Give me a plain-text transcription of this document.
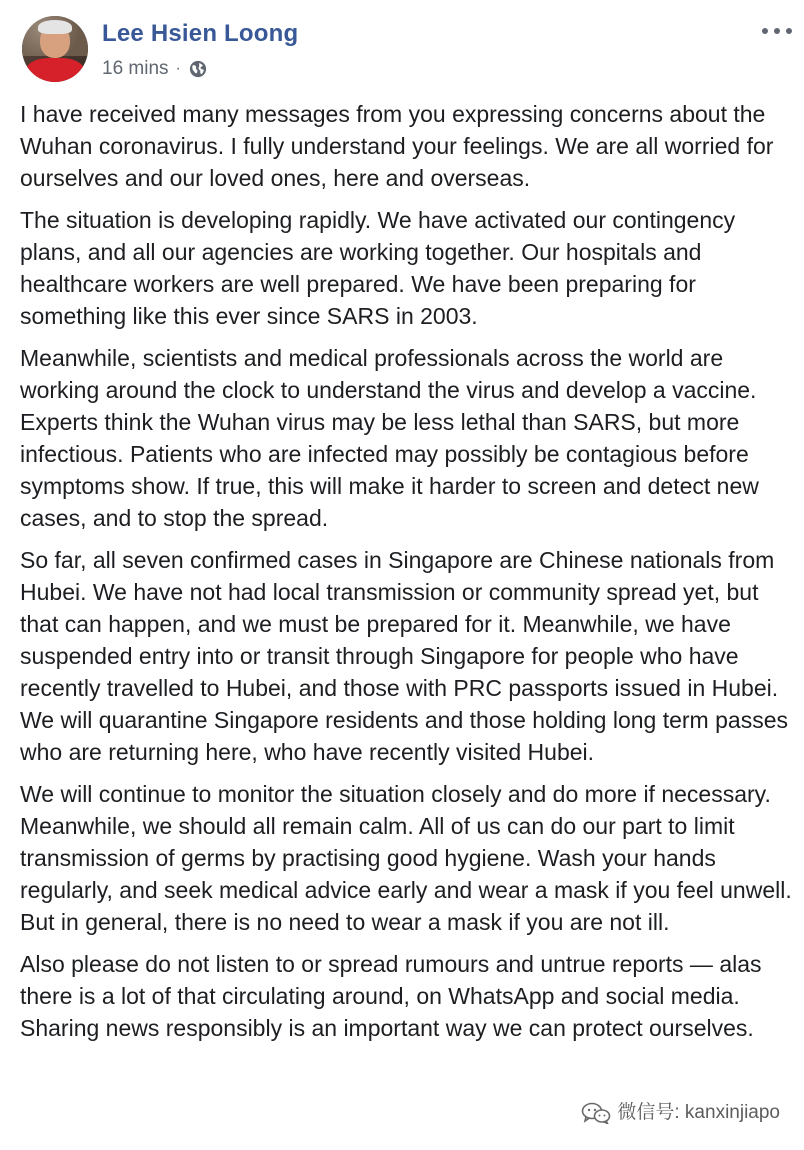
Lee Hsien Loong
16 mins ·

I have received many messages from you expressing concerns about the Wuhan coronavirus. I fully understand your feelings. We are all worried for ourselves and our loved ones, here and overseas.

The situation is developing rapidly. We have activated our contingency plans, and all our agencies are working together. Our hospitals and healthcare workers are well prepared. We have been preparing for something like this ever since SARS in 2003.

Meanwhile, scientists and medical professionals across the world are working around the clock to understand the virus and develop a vaccine. Experts think the Wuhan virus may be less lethal than SARS, but more infectious. Patients who are infected may possibly be contagious before symptoms show. If true, this will make it harder to screen and detect new cases, and to stop the spread.

So far, all seven confirmed cases in Singapore are Chinese nationals from Hubei. We have not had local transmission or community spread yet, but that can happen, and we must be prepared for it. Meanwhile, we have suspended entry into or transit through Singapore for people who have recently travelled to Hubei, and those with PRC passports issued in Hubei. We will quarantine Singapore residents and those holding long term passes who are returning here, who have recently visited Hubei.

We will continue to monitor the situation closely and do more if necessary. Meanwhile, we should all remain calm. All of us can do our part to limit transmission of germs by practising good hygiene. Wash your hands regularly, and seek medical advice early and wear a mask if you feel unwell. But in general, there is no need to wear a mask if you are not ill.

Also please do not listen to or spread rumours and untrue reports — alas there is a lot of that circulating around, on WhatsApp and social media. Sharing news responsibly is an important way we can protect ourselves.

微信号: kanxinjiapo
